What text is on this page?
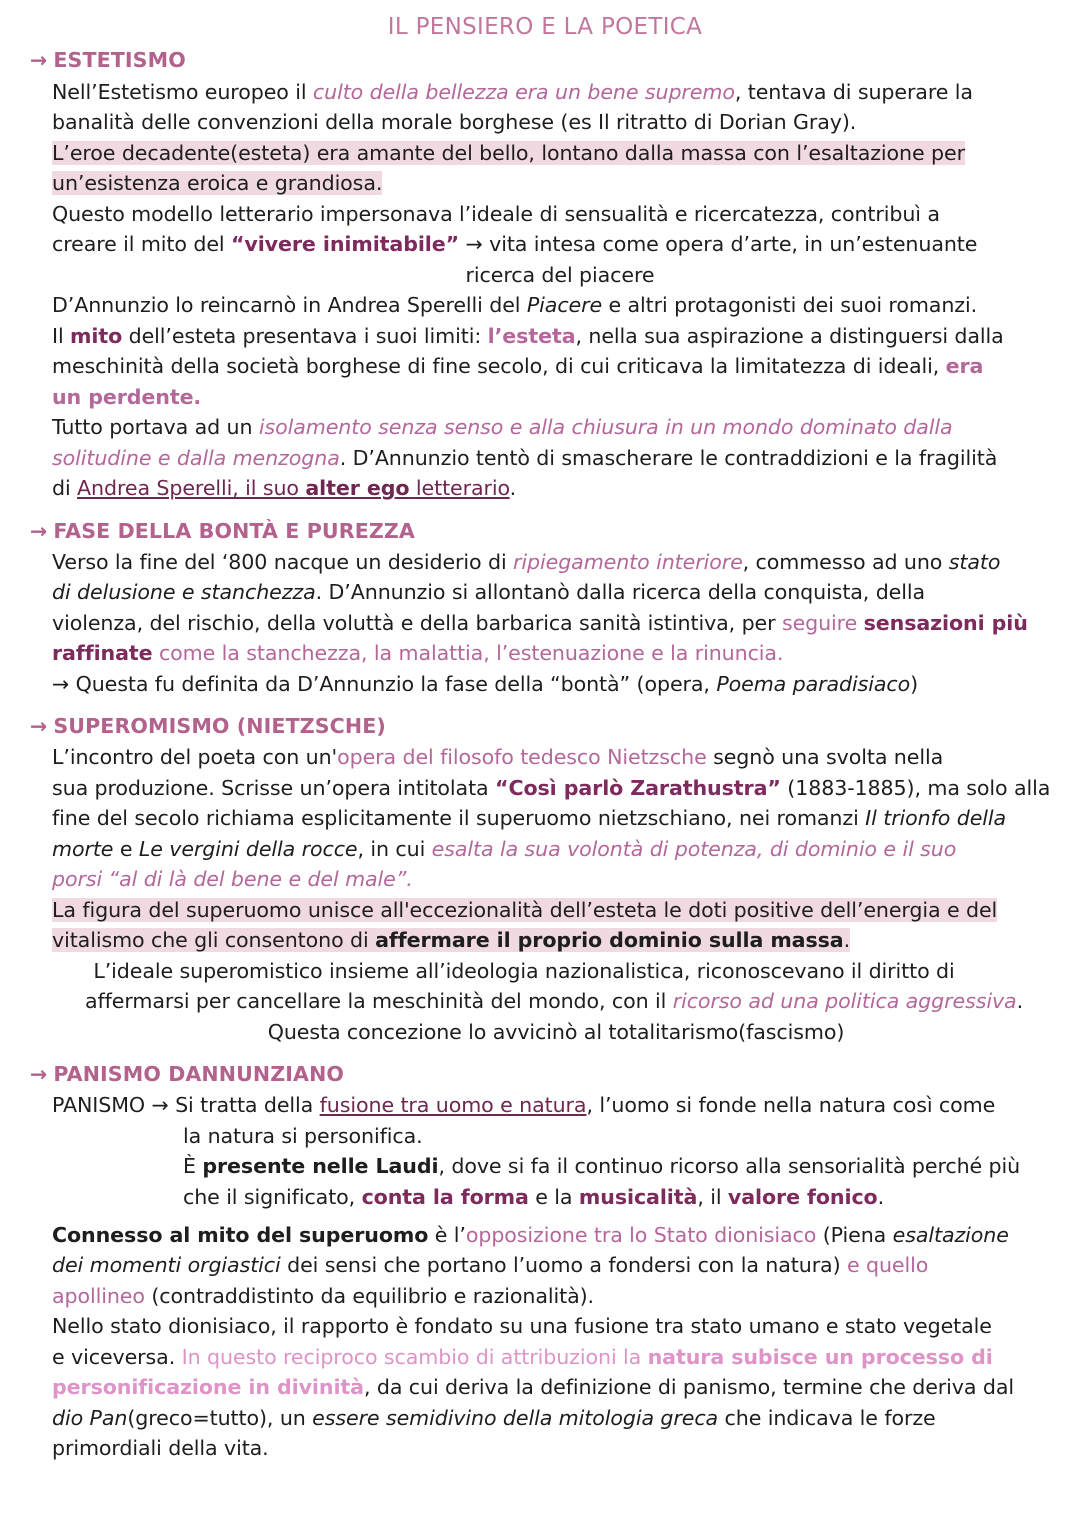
IL PENSIERO E LA POETICA
→ ESTETISMO
Nell’Estetismo europeo il culto della bellezza era un bene supremo, tentava di superare la
banalità delle convenzioni della morale borghese (es Il ritratto di Dorian Gray).
L’eroe decadente(esteta) era amante del bello, lontano dalla massa con l’esaltazione per
un’esistenza eroica e grandiosa.
Questo modello letterario impersonava l’ideale di sensualità e ricercatezza, contribuì a
creare il mito del “vivere inimitabile” → vita intesa come opera d’arte, in un’estenuante
ricerca del piacere
D’Annunzio lo reincarnò in Andrea Sperelli del Piacere e altri protagonisti dei suoi romanzi.
Il mito dell’esteta presentava i suoi limiti: l’esteta, nella sua aspirazione a distinguersi dalla
meschinità della società borghese di fine secolo, di cui criticava la limitatezza di ideali, era
un perdente.
Tutto portava ad un isolamento senza senso e alla chiusura in un mondo dominato dalla
solitudine e dalla menzogna. D’Annunzio tentò di smascherare le contraddizioni e la fragilità
di Andrea Sperelli, il suo alter ego letterario.
→ FASE DELLA BONTÀ E PUREZZA
Verso la fine del ‘800 nacque un desiderio di ripiegamento interiore, commesso ad uno stato
di delusione e stanchezza. D’Annunzio si allontanò dalla ricerca della conquista, della
violenza, del rischio, della voluttà e della barbarica sanità istintiva, per seguire sensazioni più
raffinate come la stanchezza, la malattia, l’estenuazione e la rinuncia.
→ Questa fu definita da D’Annunzio la fase della “bontà” (opera, Poema paradisiaco)
→ SUPEROMISMO (NIETZSCHE)
L’incontro del poeta con un'opera del filosofo tedesco Nietzsche segnò una svolta nella
sua produzione. Scrisse un’opera intitolata “Così parlò Zarathustra” (1883-1885), ma solo alla
fine del secolo richiama esplicitamente il superuomo nietzschiano, nei romanzi Il trionfo della
morte e Le vergini della rocce, in cui esalta la sua volontà di potenza, di dominio e il suo
porsi “al di là del bene e del male”.
La figura del superuomo unisce all'eccezionalità dell’esteta le doti positive dell’energia e del
vitalismo che gli consentono di affermare il proprio dominio sulla massa.
L’ideale superomistico insieme all’ideologia nazionalistica, riconoscevano il diritto di
affermarsi per cancellare la meschinità del mondo, con il ricorso ad una politica aggressiva.
Questa concezione lo avvicinò al totalitarismo(fascismo)
→ PANISMO DANNUNZIANO
PANISMO → Si tratta della fusione tra uomo e natura, l’uomo si fonde nella natura così come
la natura si personifica.
È presente nelle Laudi, dove si fa il continuo ricorso alla sensorialità perché più
che il significato, conta la forma e la musicalità, il valore fonico.
Connesso al mito del superuomo è l’opposizione tra lo Stato dionisiaco (Piena esaltazione
dei momenti orgiastici dei sensi che portano l’uomo a fondersi con la natura) e quello
apollineo (contraddistinto da equilibrio e razionalità).
Nello stato dionisiaco, il rapporto è fondato su una fusione tra stato umano e stato vegetale
e viceversa. In questo reciproco scambio di attribuzioni la natura subisce un processo di
personificazione in divinità, da cui deriva la definizione di panismo, termine che deriva dal
dio Pan(greco=tutto), un essere semidivino della mitologia greca che indicava le forze
primordiali della vita.
